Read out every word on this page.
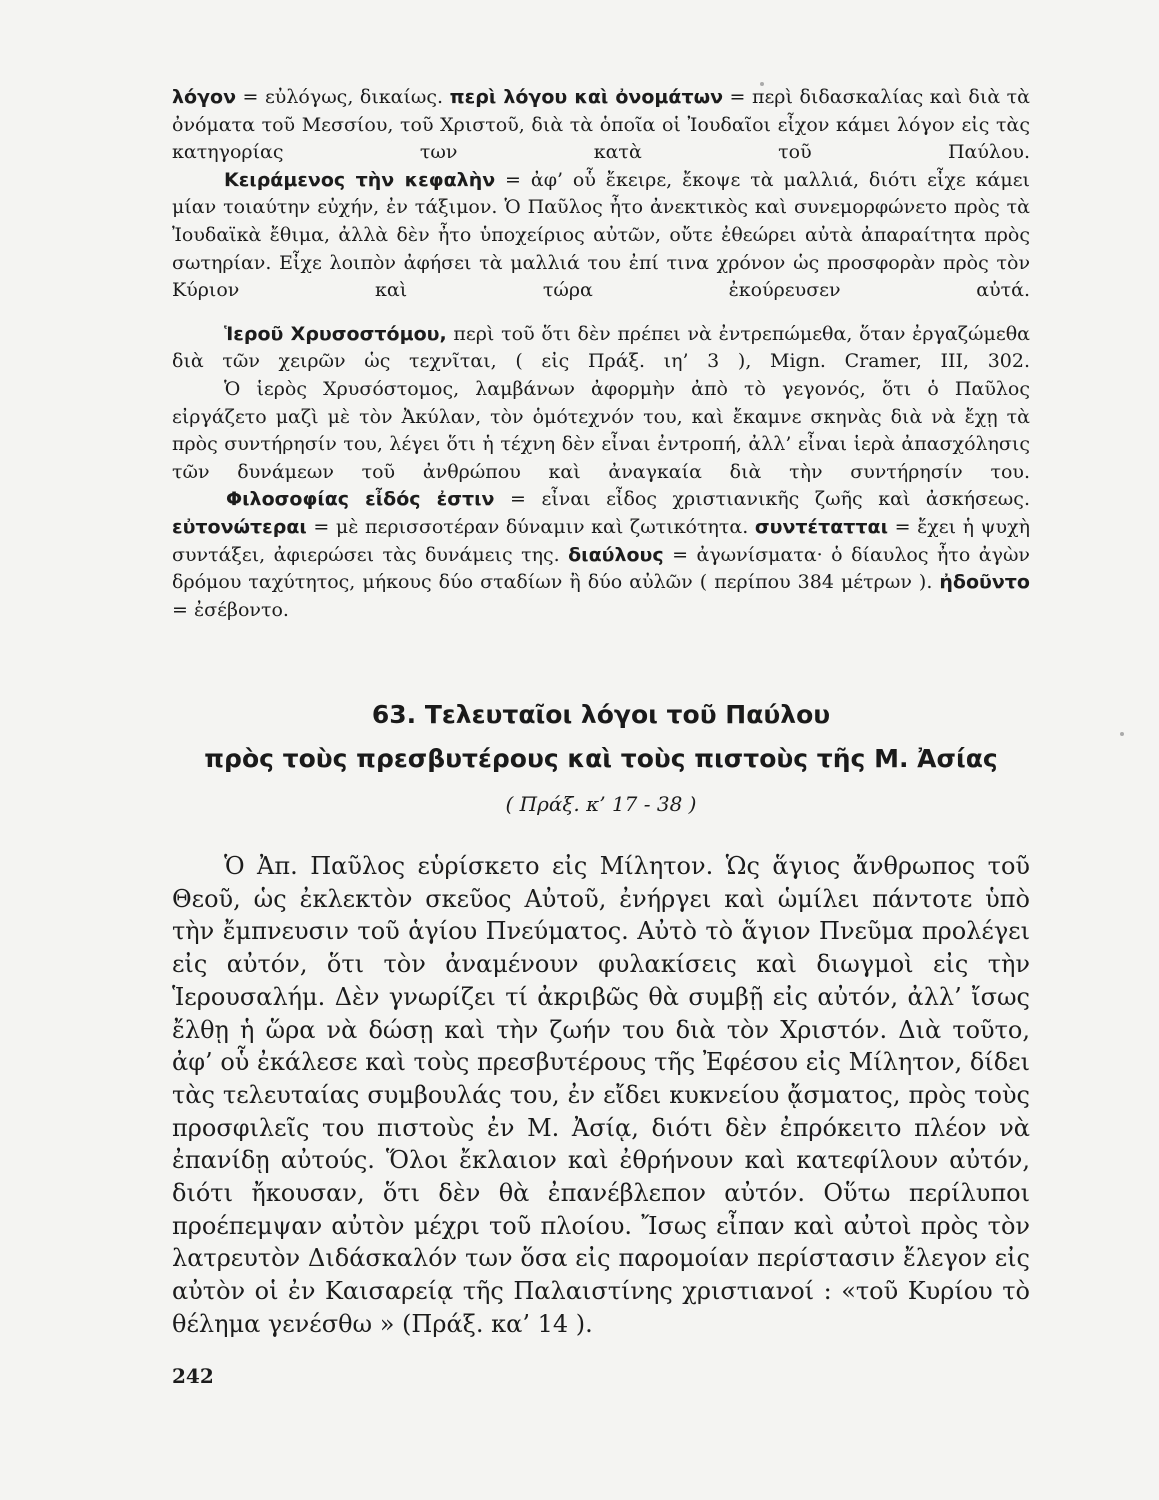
λόγον = εὐλόγως, δικαίως. περὶ λόγου καὶ ὀνομάτων = περὶ διδασκαλίας καὶ διὰ τὰ ὀνόματα τοῦ Μεσσίου, τοῦ Χριστοῦ, διὰ τὰ ὁποῖα οἱ Ἰουδαῖοι εἶχον κάμει λόγον εἰς τὰς κατηγορίας των κατὰ τοῦ Παύλου.

Κειράμενος τὴν κεφαλὴν = ἀφ’ οὗ ἔκειρε, ἔκοψε τὰ μαλλιά, διότι εἶχε κάμει μίαν τοιαύτην εὐχήν, ἐν τάξιμον. Ὁ Παῦλος ἦτο ἀνεκτικὸς καὶ συνεμορφώνετο πρὸς τὰ Ἰουδαϊκὰ ἔθιμα, ἀλλὰ δὲν ἦτο ὑποχείριος αὐτῶν, οὔτε ἐθεώρει αὐτὰ ἀπαραίτητα πρὸς σωτηρίαν. Εἶχε λοιπὸν ἀφήσει τὰ μαλλιά του ἐπί τινα χρόνον ὡς προσφορὰν πρὸς τὸν Κύριον καὶ τώρα ἐκούρευσεν αὐτά.

Ἱεροῦ Χρυσοστόμου, περὶ τοῦ ὅτι δὲν πρέπει νὰ ἐντρεπώμεθα, ὅταν ἐργαζώμεθα διὰ τῶν χειρῶν ὡς τεχνῖται, ( εἰς Πράξ. ιη’ 3 ), Mign. Cramer, III, 302.

Ὁ ἱερὸς Χρυσόστομος, λαμβάνων ἀφορμὴν ἀπὸ τὸ γεγονός, ὅτι ὁ Παῦλος εἰργάζετο μαζὶ μὲ τὸν Ἀκύλαν, τὸν ὁμότεχνόν του, καὶ ἔκαμνε σκηνὰς διὰ νὰ ἔχῃ τὰ πρὸς συντήρησίν του, λέγει ὅτι ἡ τέχνη δὲν εἶναι ἐντροπή, ἀλλ’ εἶναι ἱερὰ ἀπασχόλησις τῶν δυνάμεων τοῦ ἀνθρώπου καὶ ἀναγκαία διὰ τὴν συντήρησίν του.

Φιλοσοφίας εἶδός ἐστιν = εἶναι εἶδος χριστιανικῆς ζωῆς καὶ ἀσκήσεως. εὐτονώτεραι = μὲ περισσοτέραν δύναμιν καὶ ζωτικότητα. συντέτατται = ἔχει ἡ ψυχὴ συντάξει, ἀφιερώσει τὰς δυνάμεις της. διαύλους = ἀγωνίσματα· ὁ δίαυλος ἦτο ἀγὼν δρόμου ταχύτητος, μήκους δύο σταδίων ἢ δύο αὐλῶν ( περίπου 384 μέτρων ). ἠδοῦντο = ἐσέβοντο.

63. Τελευταῖοι λόγοι τοῦ Παύλου
πρὸς τοὺς πρεσβυτέρους καὶ τοὺς πιστοὺς τῆς Μ. Ἀσίας
( Πράξ. κ’ 17 - 38 )

Ὁ Ἀπ. Παῦλος εὑρίσκετο εἰς Μίλητον. Ὡς ἅγιος ἄνθρωπος τοῦ Θεοῦ, ὡς ἐκλεκτὸν σκεῦος Αὐτοῦ, ἐνήργει καὶ ὡμίλει πάντοτε ὑπὸ τὴν ἔμπνευσιν τοῦ ἁγίου Πνεύματος. Αὐτὸ τὸ ἅγιον Πνεῦμα προλέγει εἰς αὐτόν, ὅτι τὸν ἀναμένουν φυλακίσεις καὶ διωγμοὶ εἰς τὴν Ἱερουσαλήμ. Δὲν γνωρίζει τί ἀκριβῶς θὰ συμβῇ εἰς αὐτόν, ἀλλ’ ἴσως ἔλθῃ ἡ ὥρα νὰ δώσῃ καὶ τὴν ζωήν του διὰ τὸν Χριστόν. Διὰ τοῦτο, ἀφ’ οὗ ἐκάλεσε καὶ τοὺς πρεσβυτέρους τῆς Ἐφέσου εἰς Μίλητον, δίδει τὰς τελευταίας συμβουλάς του, ἐν εἴδει κυκνείου ᾄσματος, πρὸς τοὺς προσφιλεῖς του πιστοὺς ἐν Μ. Ἀσίᾳ, διότι δὲν ἐπρόκειτο πλέον νὰ ἐπανίδῃ αὐτούς. Ὅλοι ἔκλαιον καὶ ἐθρήνουν καὶ κατεφίλουν αὐτόν, διότι ἤκουσαν, ὅτι δὲν θὰ ἐπανέβλεπον αὐτόν. Οὕτω περίλυποι προέπεμψαν αὐτὸν μέχρι τοῦ πλοίου. Ἴσως εἶπαν καὶ αὐτοὶ πρὸς τὸν λατρευτὸν Διδάσκαλόν των ὅσα εἰς παρομοίαν περίστασιν ἔλεγον εἰς αὐτὸν οἱ ἐν Καισαρείᾳ τῆς Παλαιστίνης χριστιανοί : «τοῦ Κυρίου τὸ θέλημα γενέσθω » (Πράξ. κα’ 14 ).

242
